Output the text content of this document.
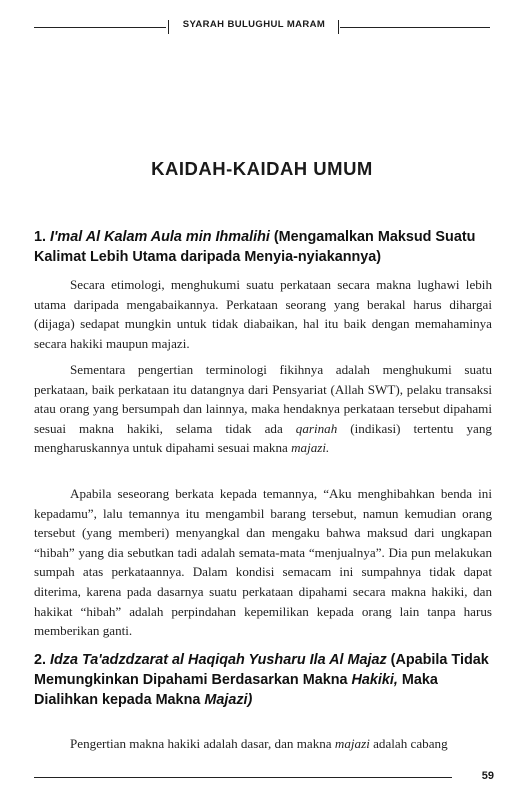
SYARAH BULUGHUL MARAM
KAIDAH-KAIDAH UMUM
1. I'mal Al Kalam Aula min Ihmalihi (Mengamalkan Maksud Suatu Kalimat Lebih Utama daripada Menyia-nyiakannya)
Secara etimologi, menghukumi suatu perkataan secara makna lughawi lebih utama daripada mengabaikannya. Perkataan seorang yang berakal harus dihargai (dijaga) sedapat mungkin untuk tidak diabaikan, hal itu baik dengan memahaminya secara hakiki maupun majazi.
Sementara pengertian terminologi fikihnya adalah menghukumi suatu perkataan, baik perkataan itu datangnya dari Pensyariat (Allah SWT), pelaku transaksi atau orang yang bersumpah dan lainnya, maka hendaknya perkataan tersebut dipahami sesuai makna hakiki, selama tidak ada qarinah (indikasi) tertentu yang mengharuskannya untuk dipahami sesuai makna majazi.
Apabila seseorang berkata kepada temannya, “Aku menghibahkan benda ini kepadamu”, lalu temannya itu mengambil barang tersebut, namun kemudian orang tersebut (yang memberi) menyangkal dan mengaku bahwa maksud dari ungkapan “hibah” yang dia sebutkan tadi adalah semata-mata “menjualnya”. Dia pun melakukan sumpah atas perkataannya. Dalam kondisi semacam ini sumpahnya tidak dapat diterima, karena pada dasarnya suatu perkataan dipahami secara makna hakiki, dan hakikat “hibah” adalah perpindahan kepemilikan kepada orang lain tanpa harus memberikan ganti.
2. Idza Ta'adzdzarat al Haqiqah Yusharu Ila Al Majaz (Apabila Tidak Memungkinkan Dipahami Berdasarkan Makna Hakiki, Maka Dialihkan kepada Makna Majazi)
Pengertian makna hakiki adalah dasar, dan makna majazi adalah cabang
59
